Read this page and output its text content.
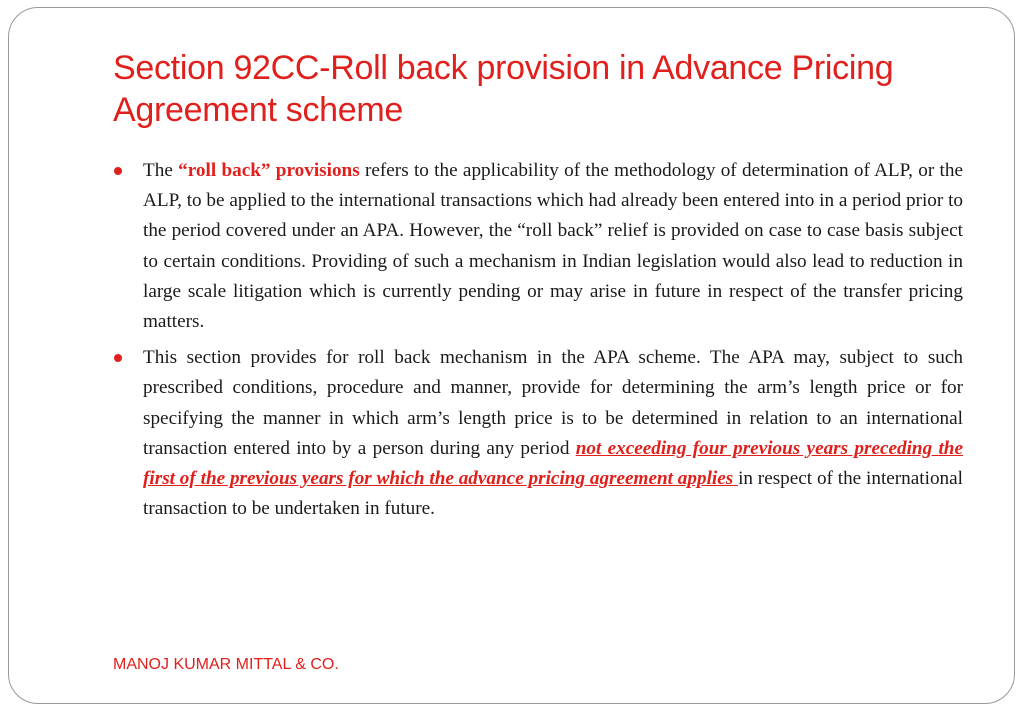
Section 92CC-Roll back provision in Advance Pricing Agreement scheme

The “roll back” provisions refers to the applicability of the methodology of determination of ALP, or the ALP, to be applied to the international transactions which had already been entered into in a period prior to the period covered under an APA. However, the “roll back” relief is provided on case to case basis subject to certain conditions. Providing of such a mechanism in Indian legislation would also lead to reduction in large scale litigation which is currently pending or may arise in future in respect of the transfer pricing matters.

This section provides for roll back mechanism in the APA scheme. The APA may, subject to such prescribed conditions, procedure and manner, provide for determining the arm’s length price or for specifying the manner in which arm’s length price is to be determined in relation to an international transaction entered into by a person during any period not exceeding four previous years preceding the first of the previous years for which the advance pricing agreement applies in respect of the international transaction to be undertaken in future.

MANOJ KUMAR MITTAL & CO.
